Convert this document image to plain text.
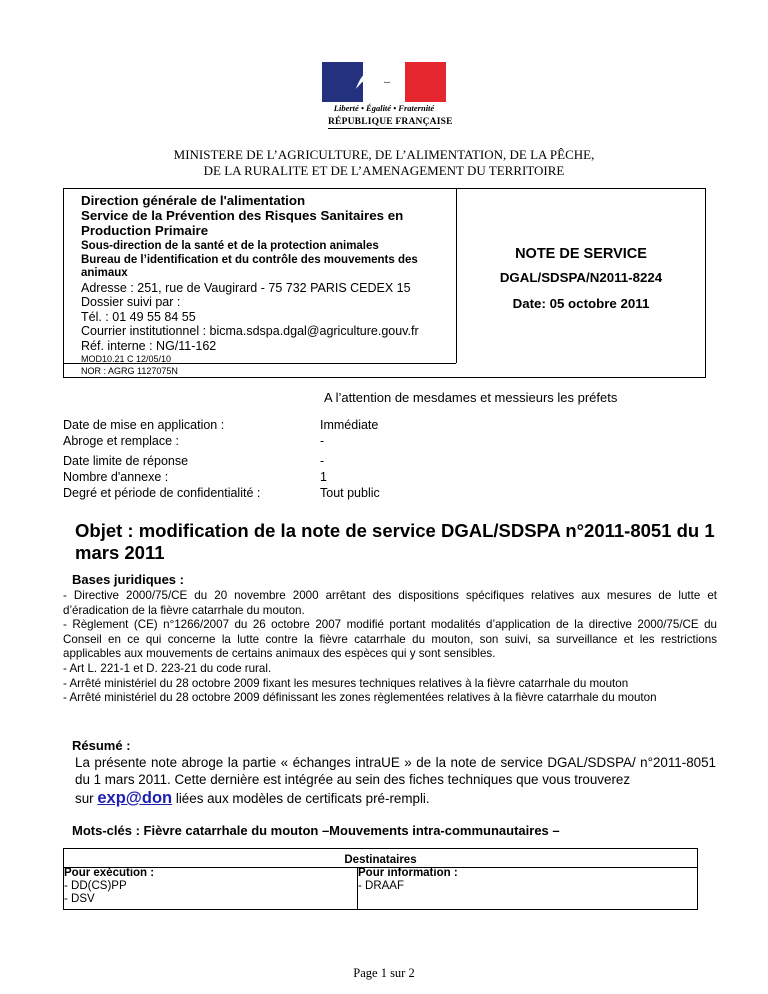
Liberté • Égalité • Fraternité
RÉPUBLIQUE FRANÇAISE
MINISTERE DE L’AGRICULTURE, DE L’ALIMENTATION, DE LA PÊCHE,
DE LA RURALITE ET DE L’AMENAGEMENT DU TERRITOIRE
Direction générale de l'alimentation
Service de la Prévention des Risques Sanitaires en Production Primaire
Sous-direction de la santé et de la protection animales
Bureau de l’identification et du contrôle des mouvements des animaux
Adresse : 251, rue de Vaugirard - 75 732 PARIS CEDEX 15
Dossier suivi par :
Tél. : 01 49 55 84 55
Courrier institutionnel : bicma.sdspa.dgal@agriculture.gouv.fr
Réf. interne : NG/11-162
MOD10.21 C 12/05/10
NOR : AGRG 1127075N
NOTE DE SERVICE
DGAL/SDSPA/N2011-8224
Date: 05 octobre 2011
A l’attention de mesdames et messieurs les préfets
Date de mise en application :	Immédiate
Abroge et remplace :	-
Date limite de réponse	-
Nombre d'annexe :	1
Degré et période de confidentialité :	Tout public
Objet : modification de la note de service DGAL/SDSPA n°2011-8051 du 1 mars 2011
Bases juridiques :
- Directive 2000/75/CE du 20 novembre 2000 arrêtant des dispositions spécifiques relatives aux mesures de lutte et d’éradication de la fièvre catarrhale du mouton.
- Règlement (CE) n°1266/2007 du 26 octobre 2007 modifié portant modalités d’application de la directive 2000/75/CE du Conseil en ce qui concerne la lutte contre la fièvre catarrhale du mouton, son suivi, sa surveillance et les restrictions applicables aux mouvements de certains animaux des espèces qui y sont sensibles.
- Art L. 221-1 et D. 223-21 du code rural.
- Arrêté ministériel du 28 octobre 2009 fixant les mesures techniques relatives à la fièvre catarrhale du mouton
- Arrêté ministériel du 28 octobre 2009 définissant les zones règlementées relatives à la fièvre catarrhale du mouton
Résumé :
La présente note abroge la partie « échanges intraUE » de la note de service DGAL/SDSPA/ n°2011-8051 du 1 mars 2011. Cette dernière est intégrée au sein des fiches techniques que vous trouverez
sur exp@don liées aux modèles de certificats pré-rempli.
Mots-clés : Fièvre catarrhale du mouton –Mouvements intra-communautaires –
Destinataires
Pour exécution :
- DD(CS)PP
- DSV
Pour information :
- DRAAF
Page 1 sur 2
